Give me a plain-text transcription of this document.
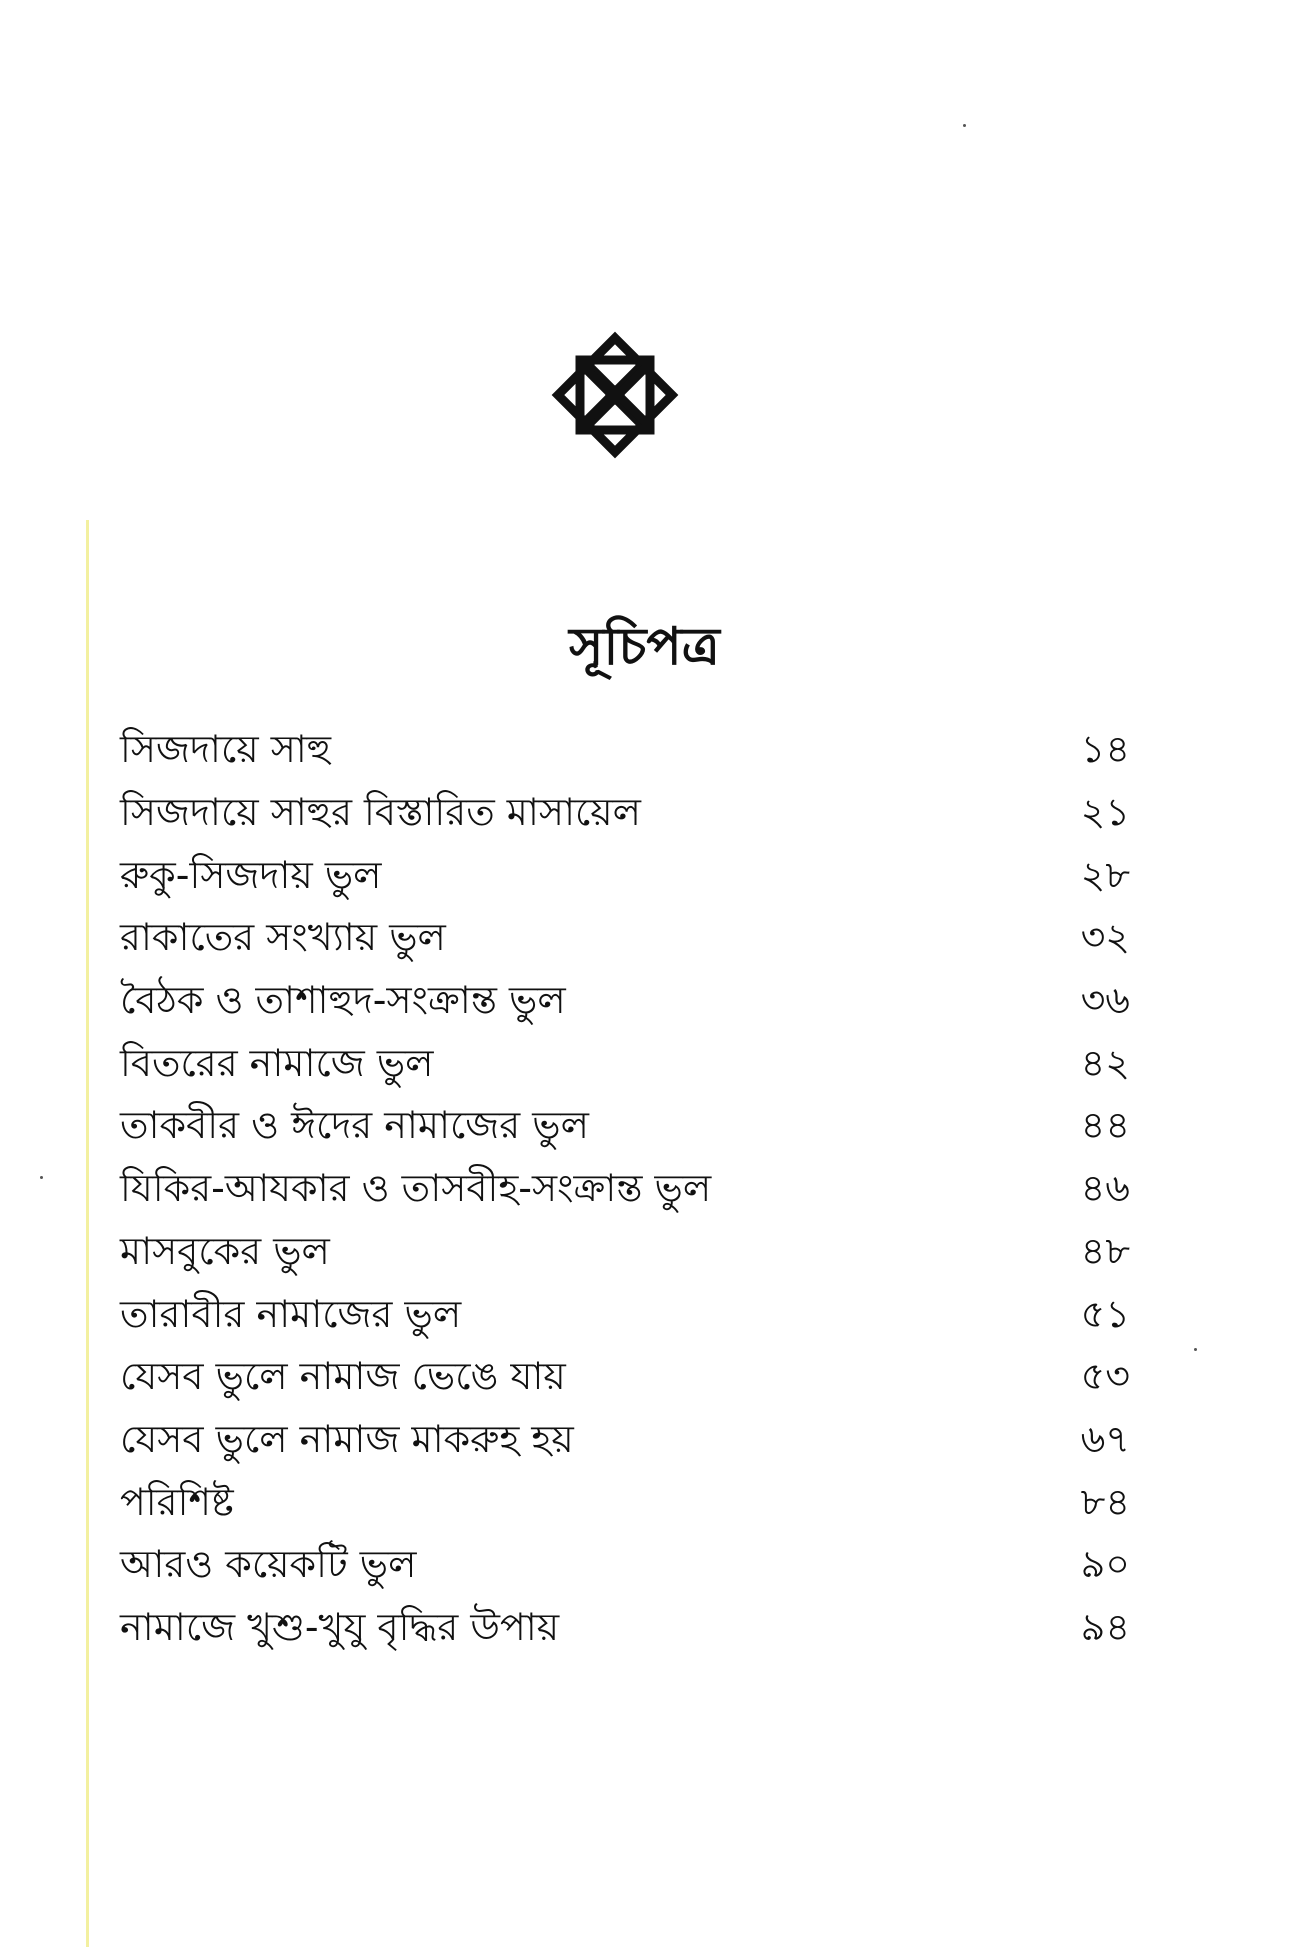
সূচিপত্র
সিজদায়ে সাহু	১৪
সিজদায়ে সাহুর বিস্তারিত মাসায়েল	২১
রুকু-সিজদায় ভুল	২৮
রাকাতের সংখ্যায় ভুল	৩২
বৈঠক ও তাশাহুদ-সংক্রান্ত ভুল	৩৬
বিতরের নামাজে ভুল	৪২
তাকবীর ও ঈদের নামাজের ভুল	৪৪
যিকির-আযকার ও তাসবীহ-সংক্রান্ত ভুল	৪৬
মাসবুকের ভুল	৪৮
তারাবীর নামাজের ভুল	৫১
যেসব ভুলে নামাজ ভেঙে যায়	৫৩
যেসব ভুলে নামাজ মাকরুহ হয়	৬৭
পরিশিষ্ট	৮৪
আরও কয়েকটি ভুল	৯০
নামাজে খুশু-খুযু বৃদ্ধির উপায়	৯৪
